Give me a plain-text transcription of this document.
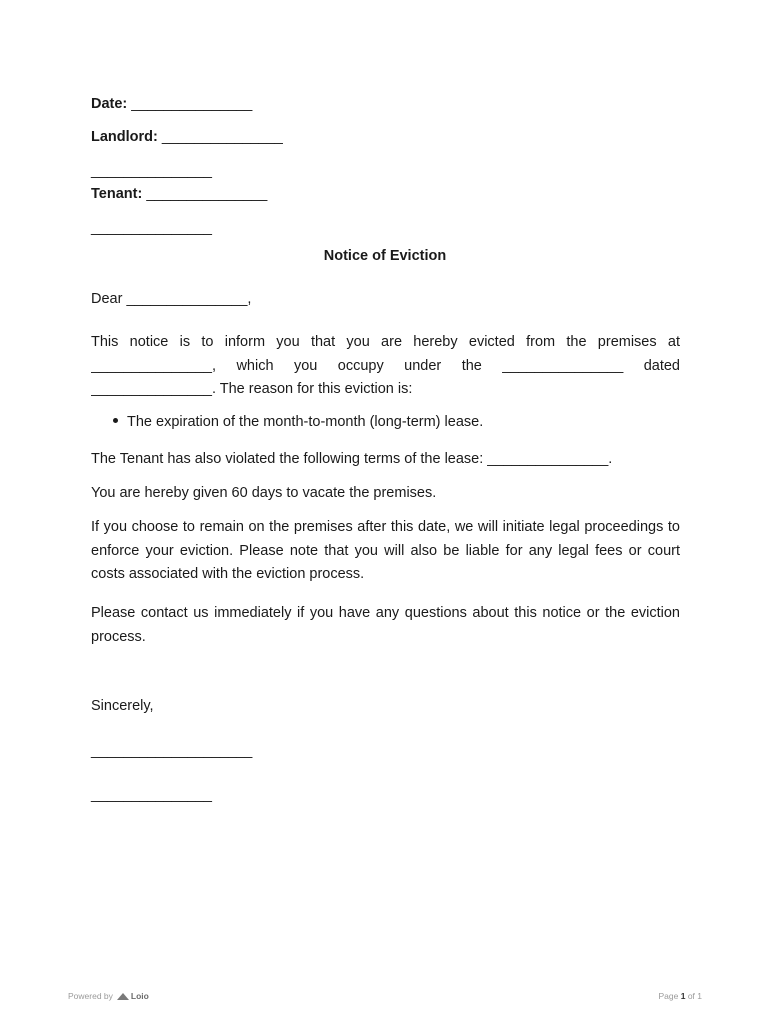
Date: _______________
Landlord: _______________
_______________
Tenant: _______________
_______________
Notice of Eviction
Dear _______________,
This notice is to inform you that you are hereby evicted from the premises at _______________, which you occupy under the _______________ dated _______________. The reason for this eviction is:
The expiration of the month-to-month (long-term) lease.
The Tenant has also violated the following terms of the lease: _______________.
You are hereby given 60 days to vacate the premises.
If you choose to remain on the premises after this date, we will initiate legal proceedings to enforce your eviction. Please note that you will also be liable for any legal fees or court costs associated with the eviction process.
Please contact us immediately if you have any questions about this notice or the eviction process.
Sincerely,
____________________
_______________
Powered by Loio	Page 1 of 1
